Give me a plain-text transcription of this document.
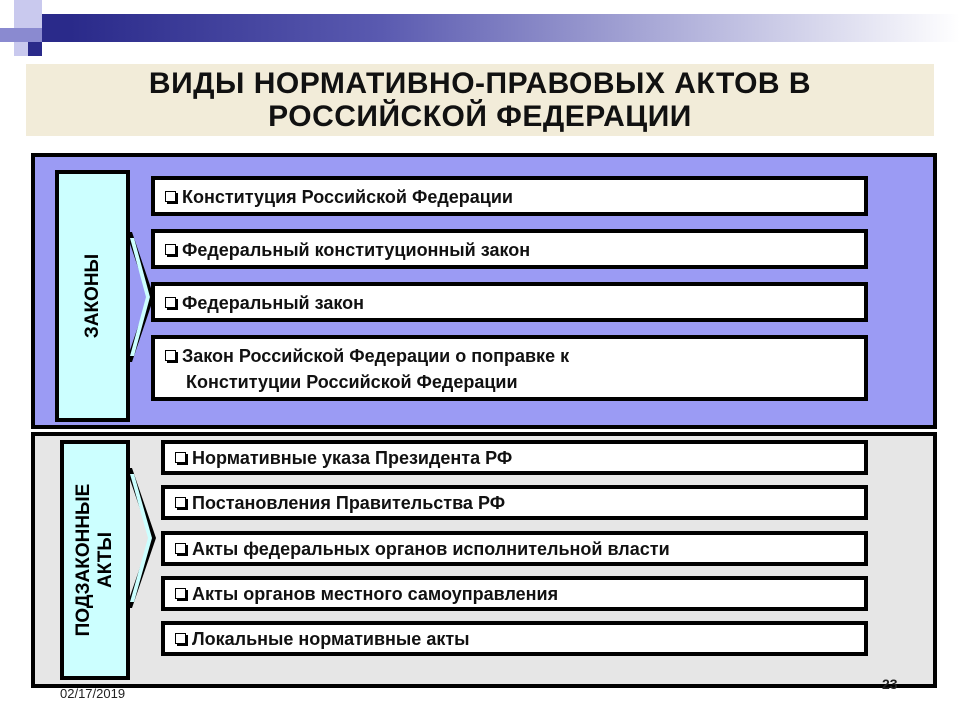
ВИДЫ НОРМАТИВНО-ПРАВОВЫХ АКТОВ В
РОССИЙСКОЙ ФЕДЕРАЦИИ
ЗАКОНЫ
Конституция Российской Федерации
Федеральный конституционный закон
Федеральный закон
Закон Российской Федерации о поправке к
Конституции Российской Федерации
ПОДЗАКОННЫЕ АКТЫ
Нормативные указа Президента РФ
Постановления Правительства РФ
Акты федеральных органов исполнительной власти
Акты органов местного самоуправления
Локальные нормативные акты
02/17/2019
23
